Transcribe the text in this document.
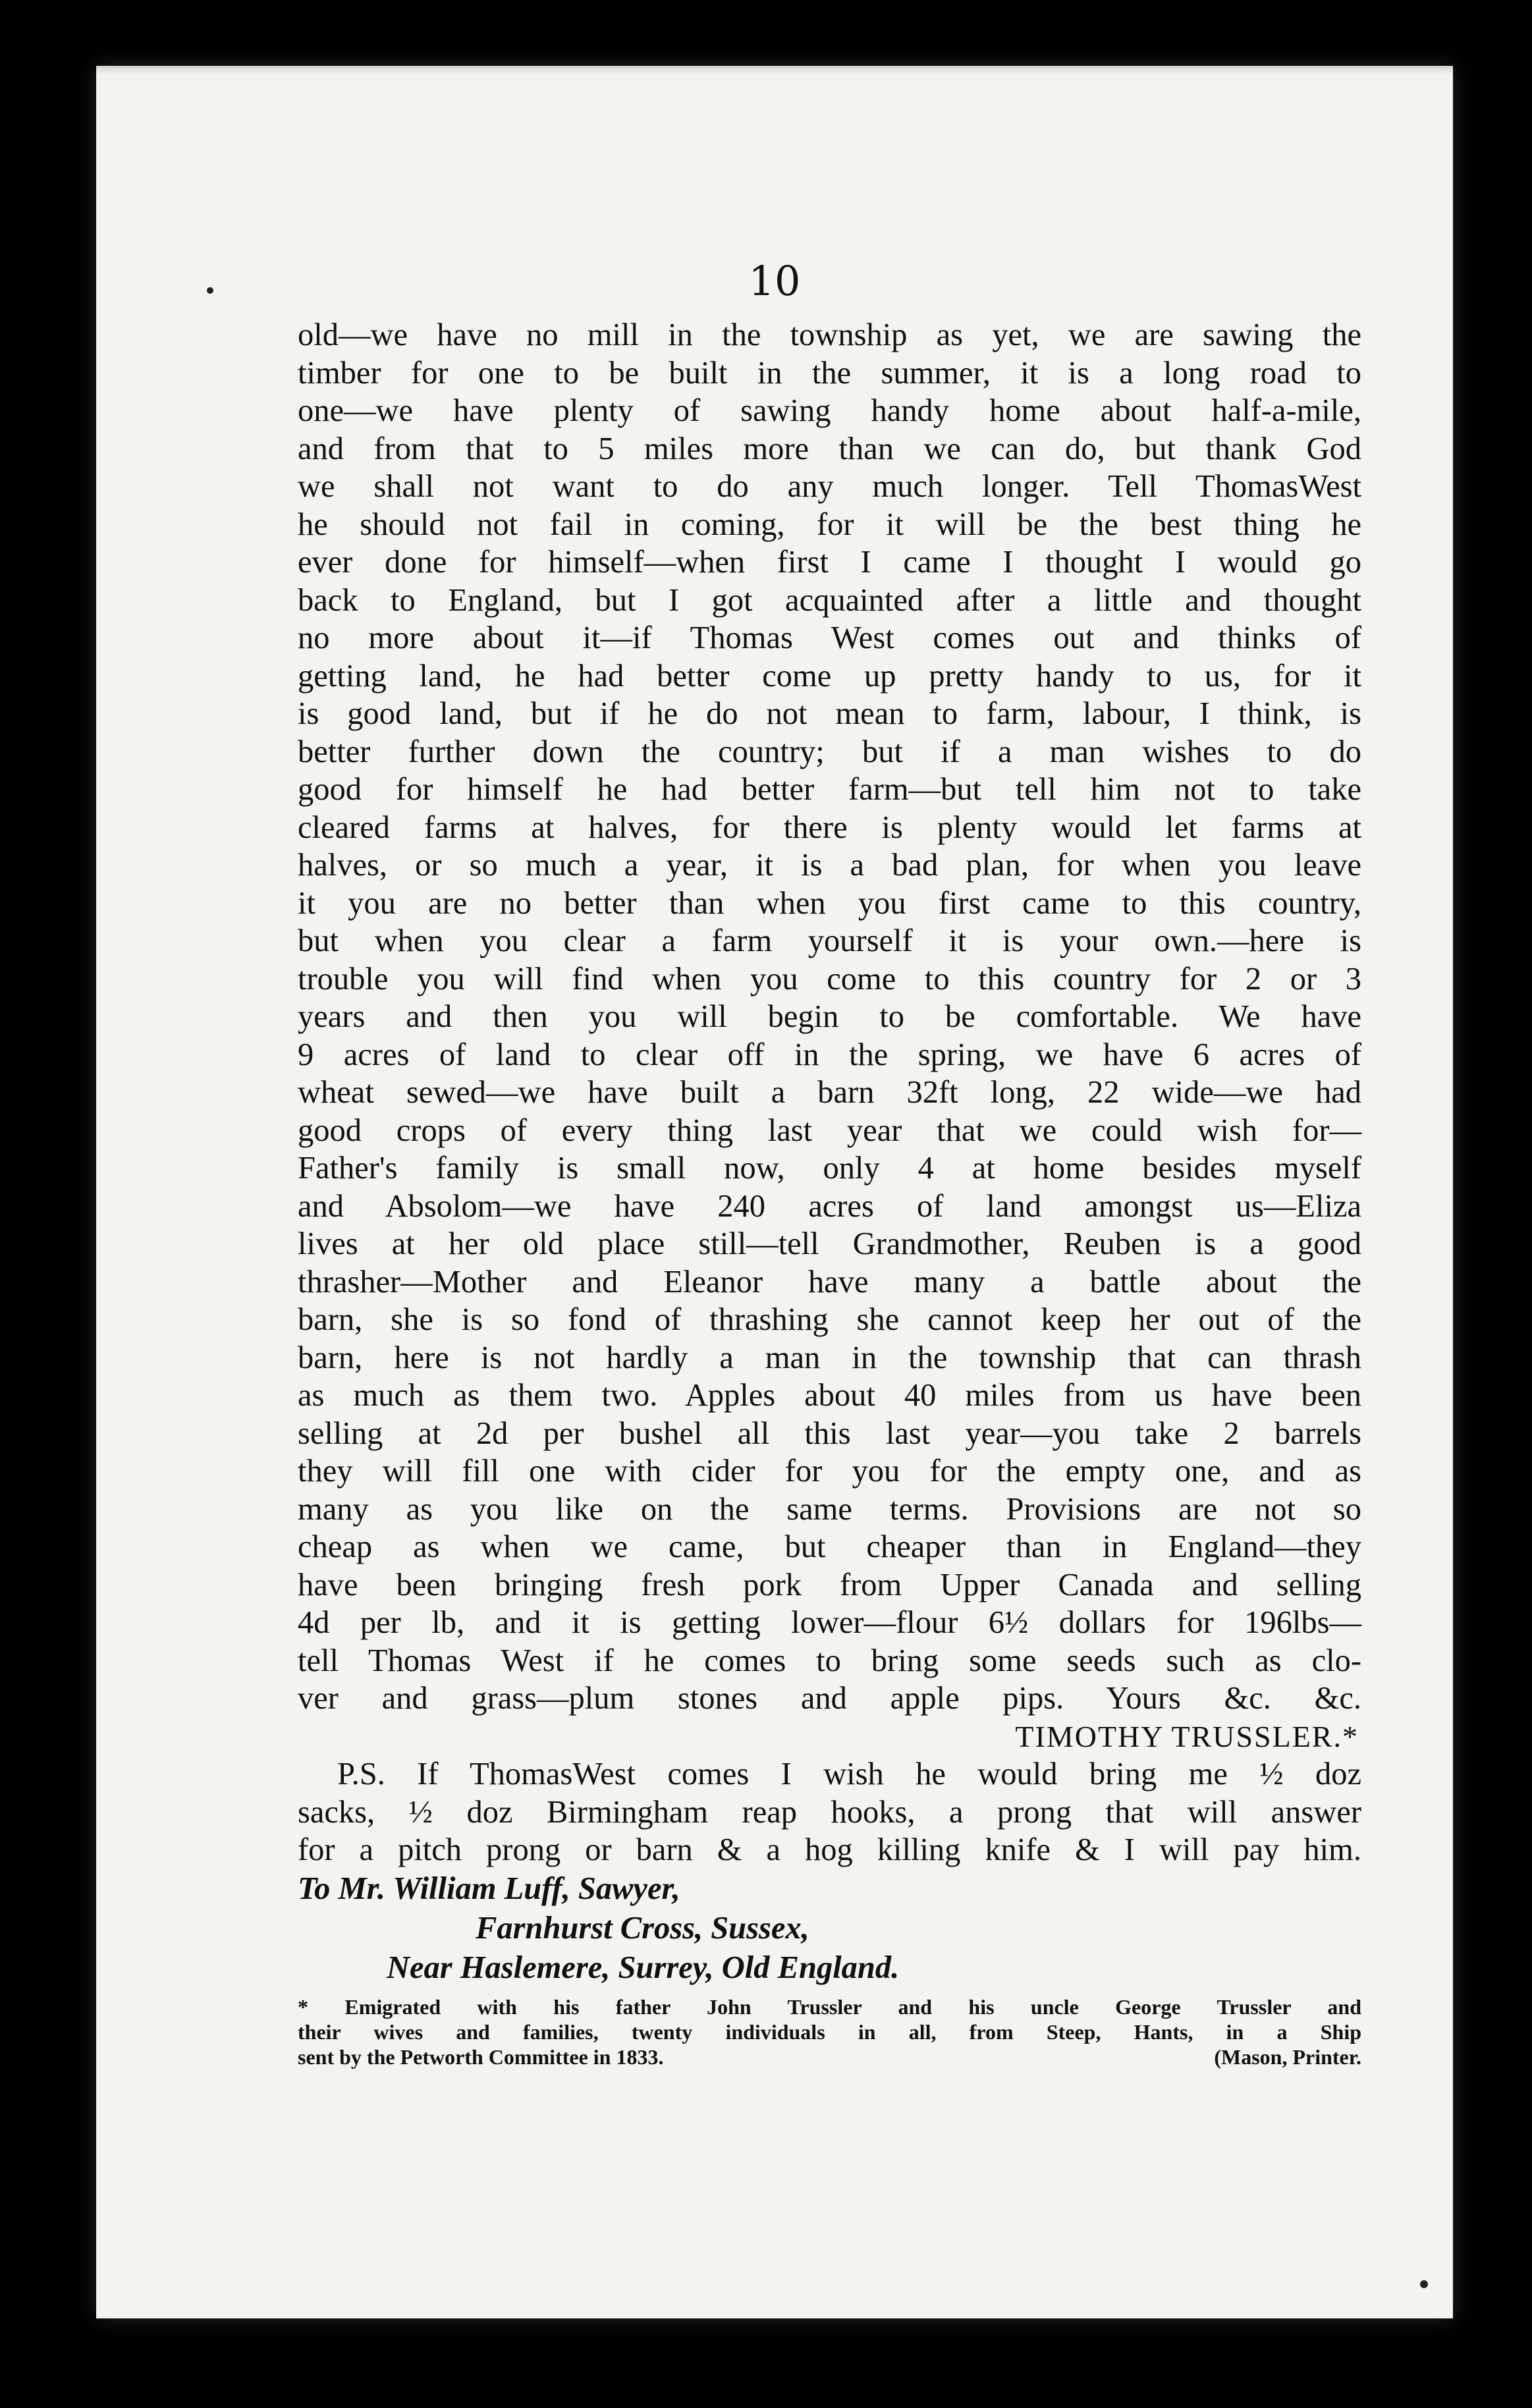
10
old—we have no mill in the township as yet, we are sawing the
timber for one to be built in the summer, it is a long road to
one—we have plenty of sawing handy home about half-a-mile,
and from that to 5 miles more than we can do, but thank God
we shall not want to do any much longer. Tell ThomasWest
he should not fail in coming, for it will be the best thing he
ever done for himself—when first I came I thought I would go
back to England, but I got acquainted after a little and thought
no more about it—if Thomas West comes out and thinks of
getting land, he had better come up pretty handy to us, for it
is good land, but if he do not mean to farm, labour, I think, is
better further down the country; but if a man wishes to do
good for himself he had better farm—but tell him not to take
cleared farms at halves, for there is plenty would let farms at
halves, or so much a year, it is a bad plan, for when you leave
it you are no better than when you first came to this country,
but when you clear a farm yourself it is your own.—here is
trouble you will find when you come to this country for 2 or 3
years and then you will begin to be comfortable. We have
9 acres of land to clear off in the spring, we have 6 acres of
wheat sewed—we have built a barn 32ft long, 22 wide—we had
good crops of every thing last year that we could wish for—
Father's family is small now, only 4 at home besides myself
and Absolom—we have 240 acres of land amongst us—Eliza
lives at her old place still—tell Grandmother, Reuben is a good
thrasher—Mother and Eleanor have many a battle about the
barn, she is so fond of thrashing she cannot keep her out of the
barn, here is not hardly a man in the township that can thrash
as much as them two. Apples about 40 miles from us have been
selling at 2d per bushel all this last year—you take 2 barrels
they will fill one with cider for you for the empty one, and as
many as you like on the same terms. Provisions are not so
cheap as when we came, but cheaper than in England—they
have been bringing fresh pork from Upper Canada and selling
4d per lb, and it is getting lower—flour 6½ dollars for 196lbs—
tell Thomas West if he comes to bring some seeds such as clo-
ver and grass—plum stones and apple pips. Yours &c. &c.
TIMOTHY TRUSSLER.*
P.S. If ThomasWest comes I wish he would bring me ½ doz
sacks, ½ doz Birmingham reap hooks, a prong that will answer
for a pitch prong or barn & a hog killing knife & I will pay him.
To Mr. William Luff, Sawyer,
Farnhurst Cross, Sussex,
Near Haslemere, Surrey, Old England.
* Emigrated with his father John Trussler and his uncle George Trussler and
their wives and families, twenty individuals in all, from Steep, Hants, in a Ship
sent by the Petworth Committee in 1833.	(Mason, Printer.
